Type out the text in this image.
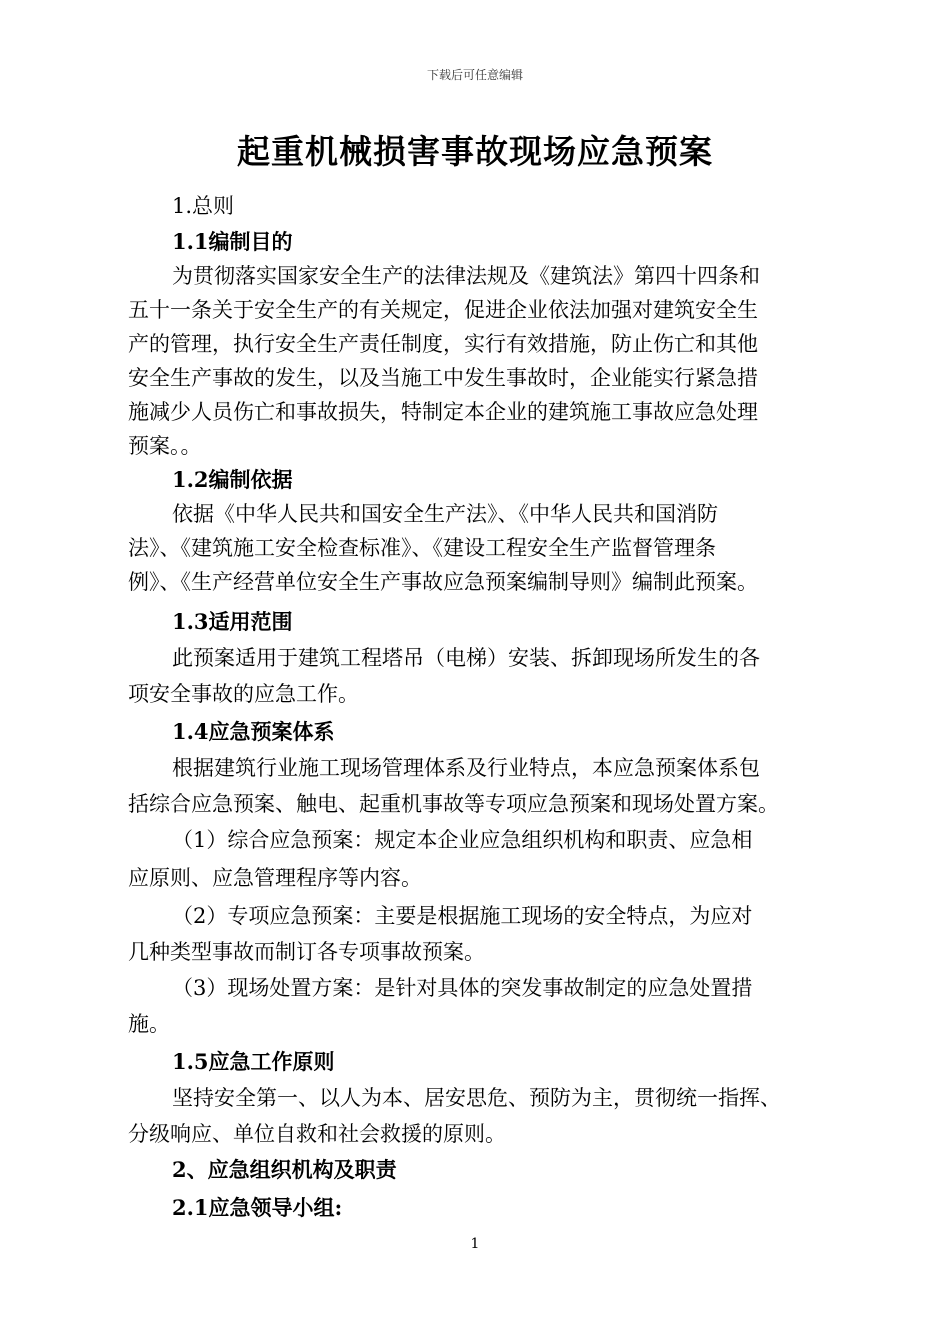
下载后可任意编辑
起重机械损害事故现场应急预案
1.总则
1.1编制目的
为贯彻落实国家安全生产的法律法规及《建筑法》第四十四条和
五十一条关于安全生产的有关规定，促进企业依法加强对建筑安全生
产的管理，执行安全生产责任制度，实行有效措施，防止伤亡和其他
安全生产事故的发生，以及当施工中发生事故时，企业能实行紧急措
施减少人员伤亡和事故损失，特制定本企业的建筑施工事故应急处理
预案。。
1.2编制依据
依据《中华人民共和国安全生产法》、《中华人民共和国消防
法》、《建筑施工安全检查标准》、《建设工程安全生产监督管理条
例》、《生产经营单位安全生产事故应急预案编制导则》编制此预案。
1.3适用范围
此预案适用于建筑工程塔吊（电梯）安装、拆卸现场所发生的各
项安全事故的应急工作。
1.4应急预案体系
根据建筑行业施工现场管理体系及行业特点，本应急预案体系包
括综合应急预案、触电、起重机事故等专项应急预案和现场处置方案。
（1）综合应急预案：规定本企业应急组织机构和职责、应急相
应原则、应急管理程序等内容。
（2）专项应急预案：主要是根据施工现场的安全特点，为应对
几种类型事故而制订各专项事故预案。
（3）现场处置方案：是针对具体的突发事故制定的应急处置措
施。
1.5应急工作原则
坚持安全第一、以人为本、居安思危、预防为主，贯彻统一指挥、
分级响应、单位自救和社会救援的原则。
2、应急组织机构及职责
2.1应急领导小组:
1
